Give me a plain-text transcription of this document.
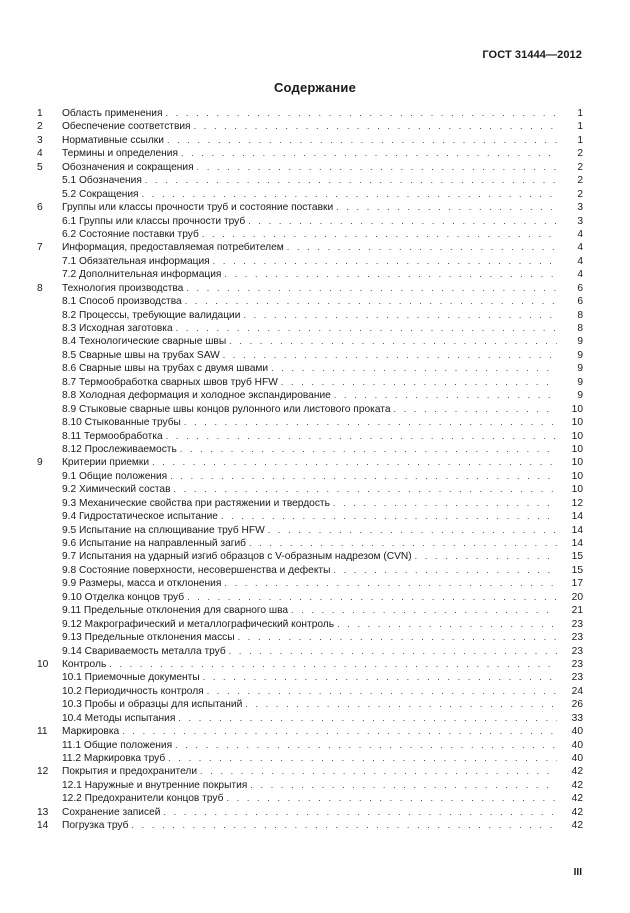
ГОСТ 31444—2012
Содержание
1	Область применения . . .	1
2	Обеспечение соответствия . . .	1
3	Нормативные ссылки . . .	1
4	Термины и определения . . .	2
5	Обозначения и сокращения . . .	2
5.1 Обозначения . . .	2
5.2 Сокращения . . .	2
6	Группы или классы прочности труб и состояние поставки . . .	3
6.1 Группы или классы прочности труб . . .	3
6.2 Состояние поставки труб . . .	4
7	Информация, предоставляемая потребителем . . .	4
7.1 Обязательная информация . . .	4
7.2 Дополнительная информация . . .	4
8	Технология производства . . .	6
8.1 Способ производства . . .	6
8.2 Процессы, требующие валидации . . .	8
8.3 Исходная заготовка . . .	8
8.4 Технологические сварные швы . . .	9
8.5 Сварные швы на трубах SAW . . .	9
8.6 Сварные швы на трубах с двумя швами . . .	9
8.7 Термообработка сварных швов труб HFW . . .	9
8.8 Холодная деформация и холодное экспандирование . . .	9
8.9 Стыковые сварные швы концов рулонного или листового проката . . .	10
8.10 Стыкованные трубы . . .	10
8.11 Термообработка . . .	10
8.12 Прослеживаемость . . .	10
9	Критерии приемки . . .	10
9.1 Общие положения . . .	10
9.2 Химический состав . . .	10
9.3 Механические свойства при растяжении и твердость . . .	12
9.4 Гидростатическое испытание . . .	14
9.5 Испытание на сплющивание труб HFW . . .	14
9.6 Испытание на направленный загиб . . .	14
9.7 Испытания на ударный изгиб образцов с V-образным надрезом (CVN) . . .	15
9.8 Состояние поверхности, несовершенства и дефекты . . .	15
9.9 Размеры, масса и отклонения . . .	17
9.10 Отделка концов труб . . .	20
9.11 Предельные отклонения для сварного шва . . .	21
9.12 Макрографический и металлографический контроль . . .	23
9.13 Предельные отклонения массы . . .	23
9.14 Свариваемость металла труб . . .	23
10	Контроль . . .	23
10.1 Приемочные документы . . .	23
10.2 Периодичность контроля . . .	24
10.3 Пробы и образцы для испытаний . . .	26
10.4 Методы испытания . . .	33
11	Маркировка . . .	40
11.1 Общие положения . . .	40
11.2 Маркировка труб . . .	40
12	Покрытия и предохранители . . .	42
12.1 Наружные и внутренние покрытия . . .	42
12.2 Предохранители концов труб . . .	42
13	Сохранение записей . . .	42
14	Погрузка труб . . .	42
III
